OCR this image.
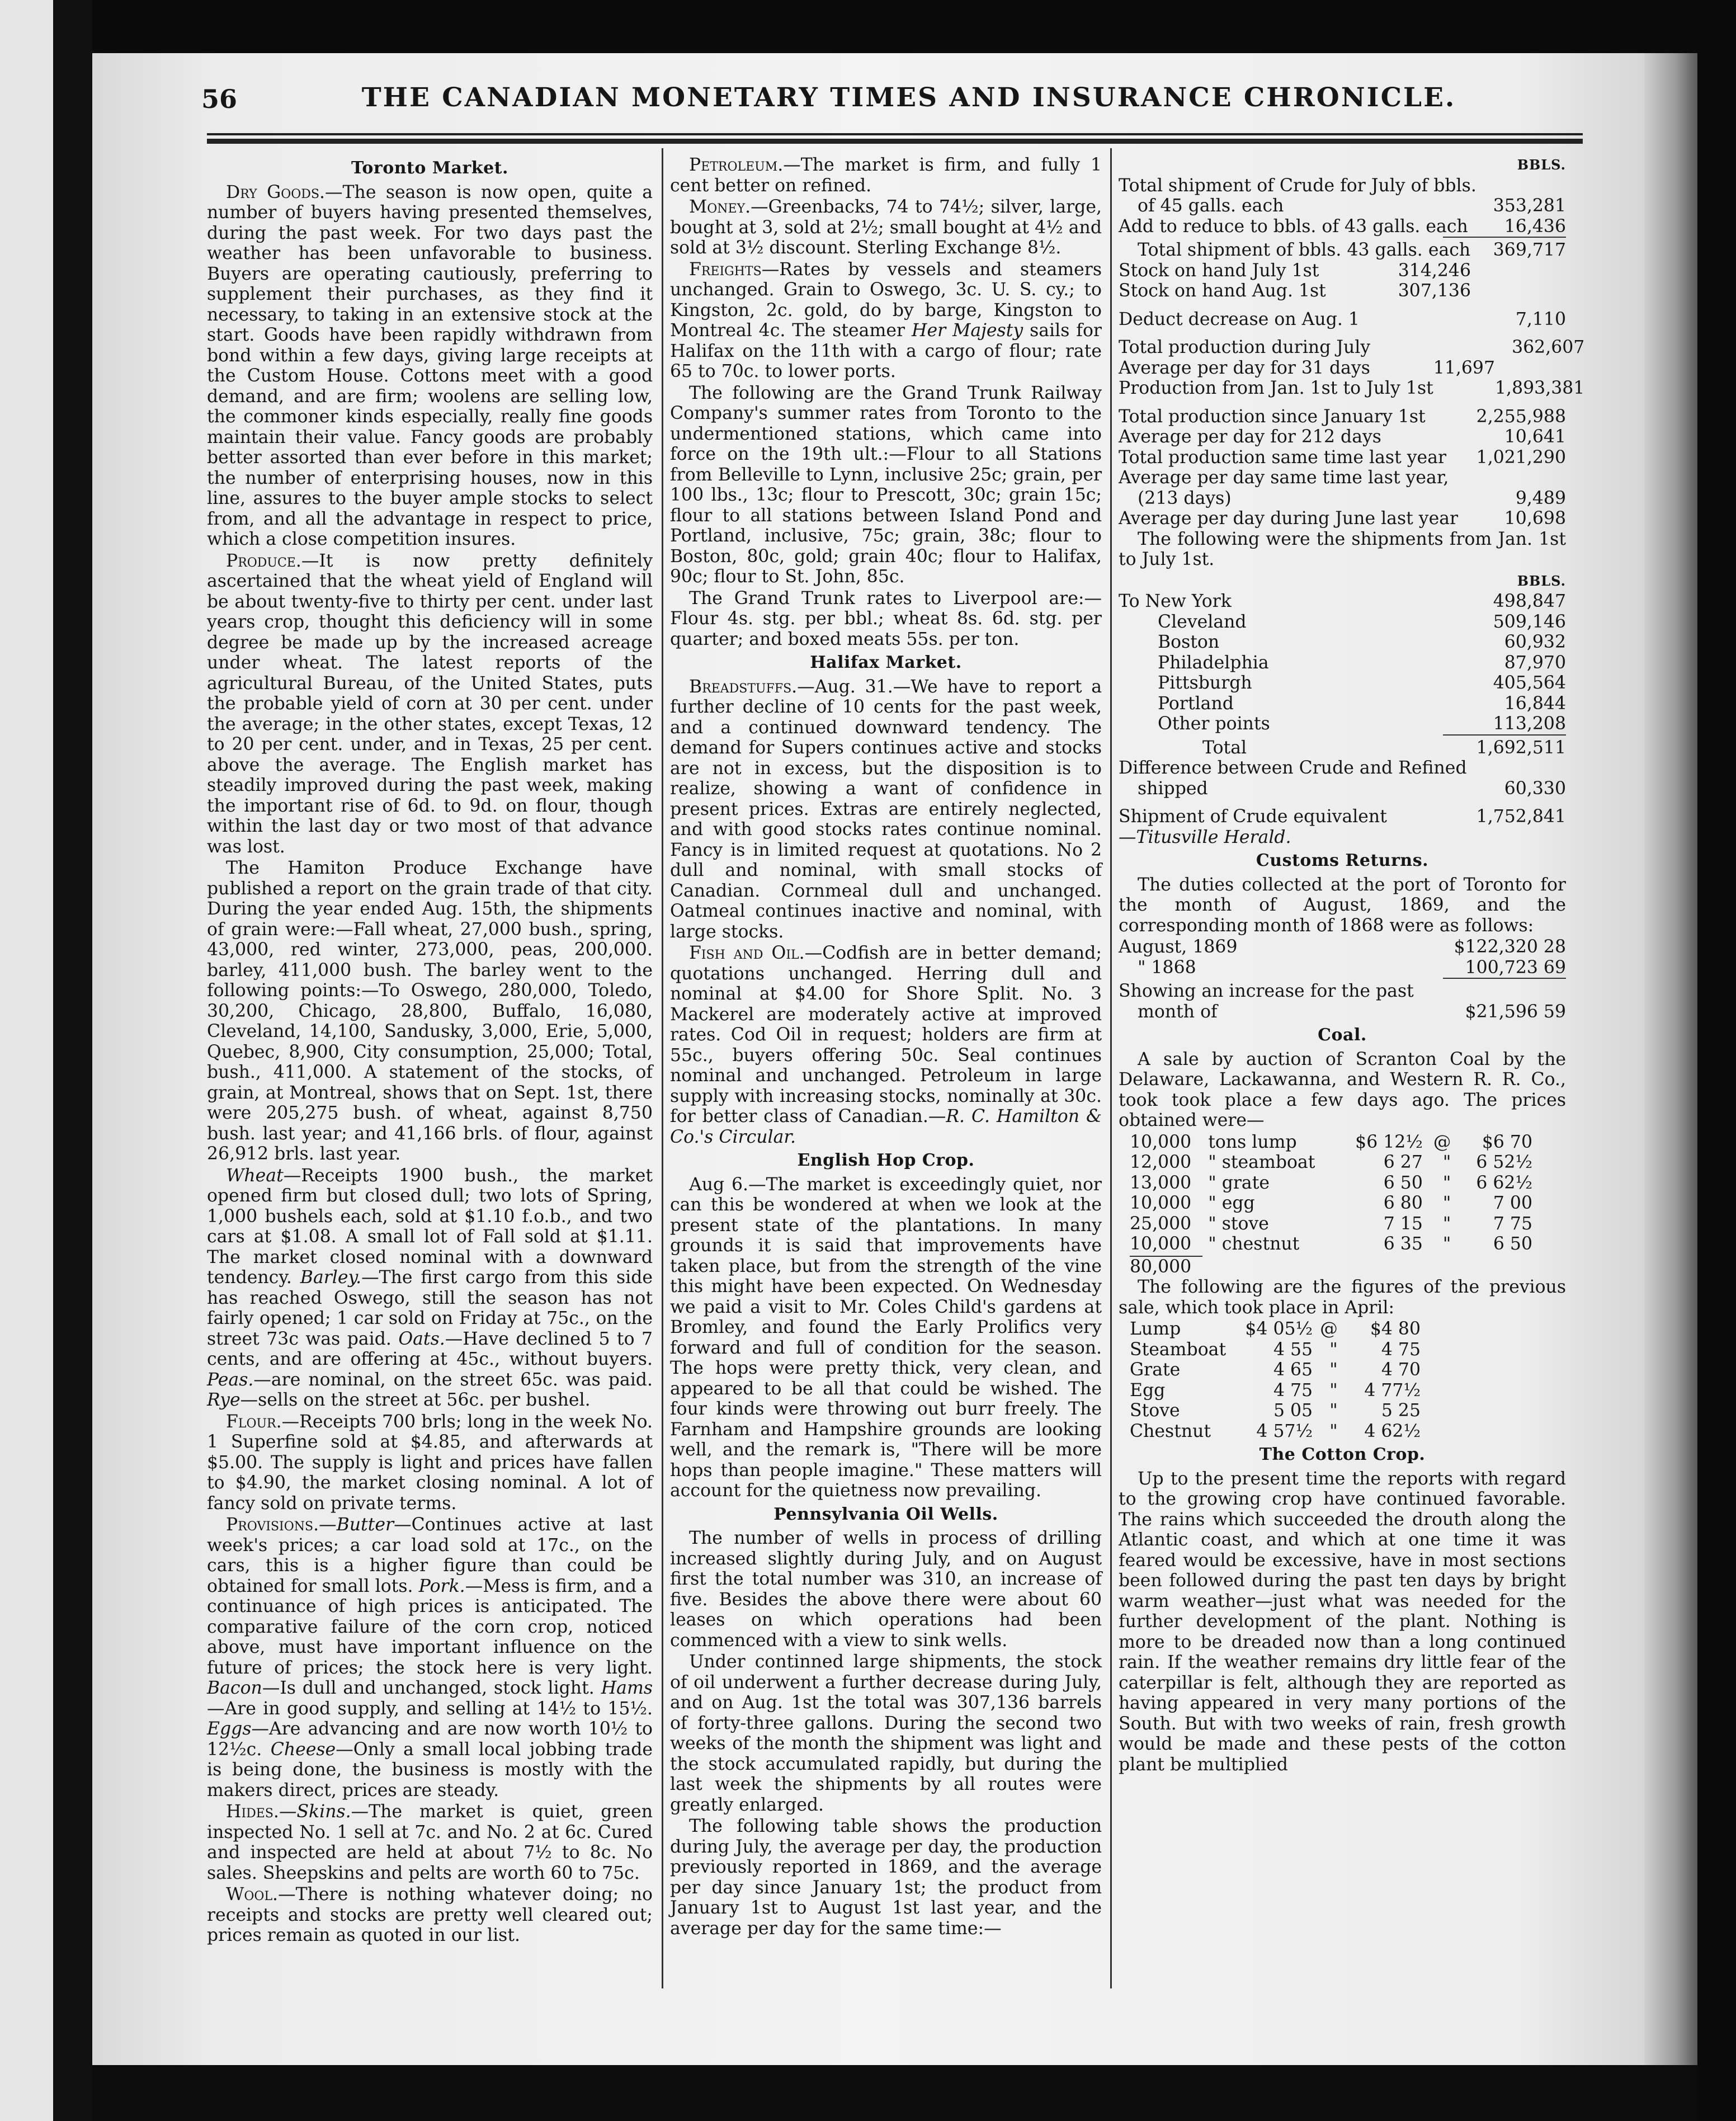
56	THE CANADIAN MONETARY TIMES AND INSURANCE CHRONICLE.
Toronto Market.

Dry Goods.—The season is now open, quite a number of buyers having presented themselves, during the past week. For two days past the weather has been unfavorable to business. Buyers are operating cautiously, preferring to supplement their purchases, as they find it necessary, to taking in an extensive stock at the start. Goods have been rapidly withdrawn from bond within a few days, giving large receipts at the Custom House. Cottons meet with a good demand, and are firm; woolens are selling low, the commoner kinds especially, really fine goods maintain their value. Fancy goods are probably better assorted than ever before in this market; the number of enterprising houses, now in this line, assures to the buyer ample stocks to select from, and all the advantage in respect to price, which a close competition insures.

Produce.—It is now pretty definitely ascertained that the wheat yield of England will be about twenty-five to thirty per cent. under last years crop, thought this deficiency will in some degree be made up by the increased acreage under wheat. The latest reports of the agricultural Bureau, of the United States, puts the probable yield of corn at 30 per cent. under the average; in the other states, except Texas, 12 to 20 per cent. under, and in Texas, 25 per cent. above the average. The English market has steadily improved during the past week, making the important rise of 6d. to 9d. on flour, though within the last day or two most of that advance was lost.

The Hamiton Produce Exchange have published a report on the grain trade of that city. During the year ended Aug. 15th, the shipments of grain were:—Fall wheat, 27,000 bush., spring, 43,000, red winter, 273,000, peas, 200,000. barley, 411,000 bush. The barley went to the following points:—To Oswego, 280,000, Toledo, 30,200, Chicago, 28,800, Buffalo, 16,080, Cleveland, 14,100, Sandusky, 3,000, Erie, 5,000, Quebec, 8,900, City consumption, 25,000; Total, bush., 411,000. A statement of the stocks, of grain, at Montreal, shows that on Sept. 1st, there were 205,275 bush. of wheat, against 8,750 bush. last year; and 41,166 brls. of flour, against 26,912 brls. last year.

Wheat—Receipts 1900 bush., the market opened firm but closed dull; two lots of Spring, 1,000 bushels each, sold at $1.10 f.o.b., and two cars at $1.08. A small lot of Fall sold at $1.11. The market closed nominal with a downward tendency. Barley.—The first cargo from this side has reached Oswego, still the season has not fairly opened; 1 car sold on Friday at 75c., on the street 73c was paid. Oats.—Have declined 5 to 7 cents, and are offering at 45c., without buyers. Peas.—are nominal, on the street 65c. was paid. Rye—sells on the street at 56c. per bushel.

Flour.—Receipts 700 brls; long in the week No. 1 Superfine sold at $4.85, and afterwards at $5.00. The supply is light and prices have fallen to $4.90, the market closing nominal. A lot of fancy sold on private terms.

Provisions.—Butter—Continues active at last week's prices; a car load sold at 17c., on the cars, this is a higher figure than could be obtained for small lots. Pork.—Mess is firm, and a continuance of high prices is anticipated. The comparative failure of the corn crop, noticed above, must have important influence on the future of prices; the stock here is very light. Bacon—Is dull and unchanged, stock light. Hams—Are in good supply, and selling at 14½ to 15½. Eggs—Are advancing and are now worth 10½ to 12½c. Cheese—Only a small local jobbing trade is being done, the business is mostly with the makers direct, prices are steady.

Hides.—Skins.—The market is quiet, green inspected No. 1 sell at 7c. and No. 2 at 6c. Cured and inspected are held at about 7½ to 8c. No sales. Sheepskins and pelts are worth 60 to 75c.

Wool.—There is nothing whatever doing; no receipts and stocks are pretty well cleared out; prices remain as quoted in our list.

Petroleum.—The market is firm, and fully 1 cent better on refined.

Money.—Greenbacks, 74 to 74½; silver, large, bought at 3, sold at 2½; small bought at 4½ and sold at 3½ discount. Sterling Exchange 8½.

Freights—Rates by vessels and steamers unchanged. Grain to Oswego, 3c. U. S. cy.; to Kingston, 2c. gold, do by barge, Kingston to Montreal 4c. The steamer Her Majesty sails for Halifax on the 11th with a cargo of flour; rate 65 to 70c. to lower ports.

The following are the Grand Trunk Railway Company's summer rates from Toronto to the undermentioned stations, which came into force on the 19th ult.:—Flour to all Stations from Belleville to Lynn, inclusive 25c; grain, per 100 lbs., 13c; flour to Prescott, 30c; grain 15c; flour to all stations between Island Pond and Portland, inclusive, 75c; grain, 38c; flour to Boston, 80c, gold; grain 40c; flour to Halifax, 90c; flour to St. John, 85c.

The Grand Trunk rates to Liverpool are:—Flour 4s. stg. per bbl.; wheat 8s. 6d. stg. per quarter; and boxed meats 55s. per ton.

Halifax Market.

Breadstuffs.—Aug. 31.—We have to report a further decline of 10 cents for the past week, and a continued downward tendency. The demand for Supers continues active and stocks are not in excess, but the disposition is to realize, showing a want of confidence in present prices. Extras are entirely neglected, and with good stocks rates continue nominal. Fancy is in limited request at quotations. No 2 dull and nominal, with small stocks of Canadian. Cornmeal dull and unchanged. Oatmeal continues inactive and nominal, with large stocks.

Fish and Oil.—Codfish are in better demand; quotations unchanged. Herring dull and nominal at $4.00 for Shore Split. No. 3 Mackerel are moderately active at improved rates. Cod Oil in request; holders are firm at 55c., buyers offering 50c. Seal continues nominal and unchanged. Petroleum in large supply with increasing stocks, nominally at 30c. for better class of Canadian.—R. C. Hamilton & Co.'s Circular.

English Hop Crop.

Aug 6.—The market is exceedingly quiet, nor can this be wondered at when we look at the present state of the plantations. In many grounds it is said that improvements have taken place, but from the strength of the vine this might have been expected. On Wednesday we paid a visit to Mr. Coles Child's gardens at Bromley, and found the Early Prolifics very forward and full of condition for the season. The hops were pretty thick, very clean, and appeared to be all that could be wished. The four kinds were throwing out burr freely. The Farnham and Hampshire grounds are looking well, and the remark is, "There will be more hops than people imagine." These matters will account for the quietness now prevailing.

Pennsylvania Oil Wells.

The number of wells in process of drilling increased slightly during July, and on August first the total number was 310, an increase of five. Besides the above there were about 60 leases on which operations had been commenced with a view to sink wells.

Under continned large shipments, the stock of oil underwent a further decrease during July, and on Aug. 1st the total was 307,136 barrels of forty-three gallons. During the second two weeks of the month the shipment was light and the stock accumulated rapidly, but during the last week the shipments by all routes were greatly enlarged.

The following table shows the production during July, the average per day, the production previously reported in 1869, and the average per day since January 1st; the product from January 1st to August 1st last year, and the average per day for the same time:—

BBLS.
Total shipment of Crude for July of bbls.	
of 45 galls. each	353,281
Add to reduce to bbls. of 43 galls. each	16,436
Total shipment of bbls. 43 galls. each	369,717
Stock on hand July 1st	314,246
Stock on hand Aug. 1st	307,136
Deduct decrease on Aug. 1	7,110
Total production during July		362,607
Average per day for 31 days	11,697	
Production from Jan. 1st to July 1st		1,893,381
Total production since January 1st	2,255,988
Average per day for 212 days	10,641
Total production same time last year	1,021,290
Average per day same time last year,	
(213 days)	9,489
Average per day during June last year	10,698

The following were the shipments from Jan. 1st to July 1st.

BBLS.
To New York	498,847
Cleveland	509,146
Boston	60,932
Philadelphia	87,970
Pittsburgh	405,564
Portland	16,844
Other points	113,208
Total	1,692,511
Difference between Crude and Refined	
shipped	60,330
Shipment of Crude equivalent	1,752,841
—Titusville Herald.
Customs Returns.

The duties collected at the port of Toronto for the month of August, 1869, and the corresponding month of 1868 were as follows:

August, 1869	$122,320 28
" 1868	100,723 69
Showing an increase for the past	
month of	$21,596 59
Coal.

A sale by auction of Scranton Coal by the Delaware, Lackawanna, and Western R. R. Co., took took place a few days ago. The prices obtained were—

10,000	tons lump	$6 12½	@	$6 70
12,000	" steamboat	6 27	"	6 52½
13,000	" grate	6 50	"	6 62½
10,000	" egg	6 80	"	7 00
25,000	" stove	7 15	"	7 75
10,000	" chestnut	6 35	"	6 50
80,000

The following are the figures of the previous sale, which took place in April:

Lump	$4 05½	@	$4 80
Steamboat	4 55	"	4 75
Grate	4 65	"	4 70
Egg	4 75	"	4 77½
Stove	5 05	"	5 25
Chestnut	4 57½	"	4 62½
The Cotton Crop.

Up to the present time the reports with regard to the growing crop have continued favorable. The rains which succeeded the drouth along the Atlantic coast, and which at one time it was feared would be excessive, have in most sections been followed during the past ten days by bright warm weather—just what was needed for the further development of the plant. Nothing is more to be dreaded now than a long continued rain. If the weather remains dry little fear of the caterpillar is felt, although they are reported as having appeared in very many portions of the South. But with two weeks of rain, fresh growth would be made and these pests of the cotton plant be multiplied
